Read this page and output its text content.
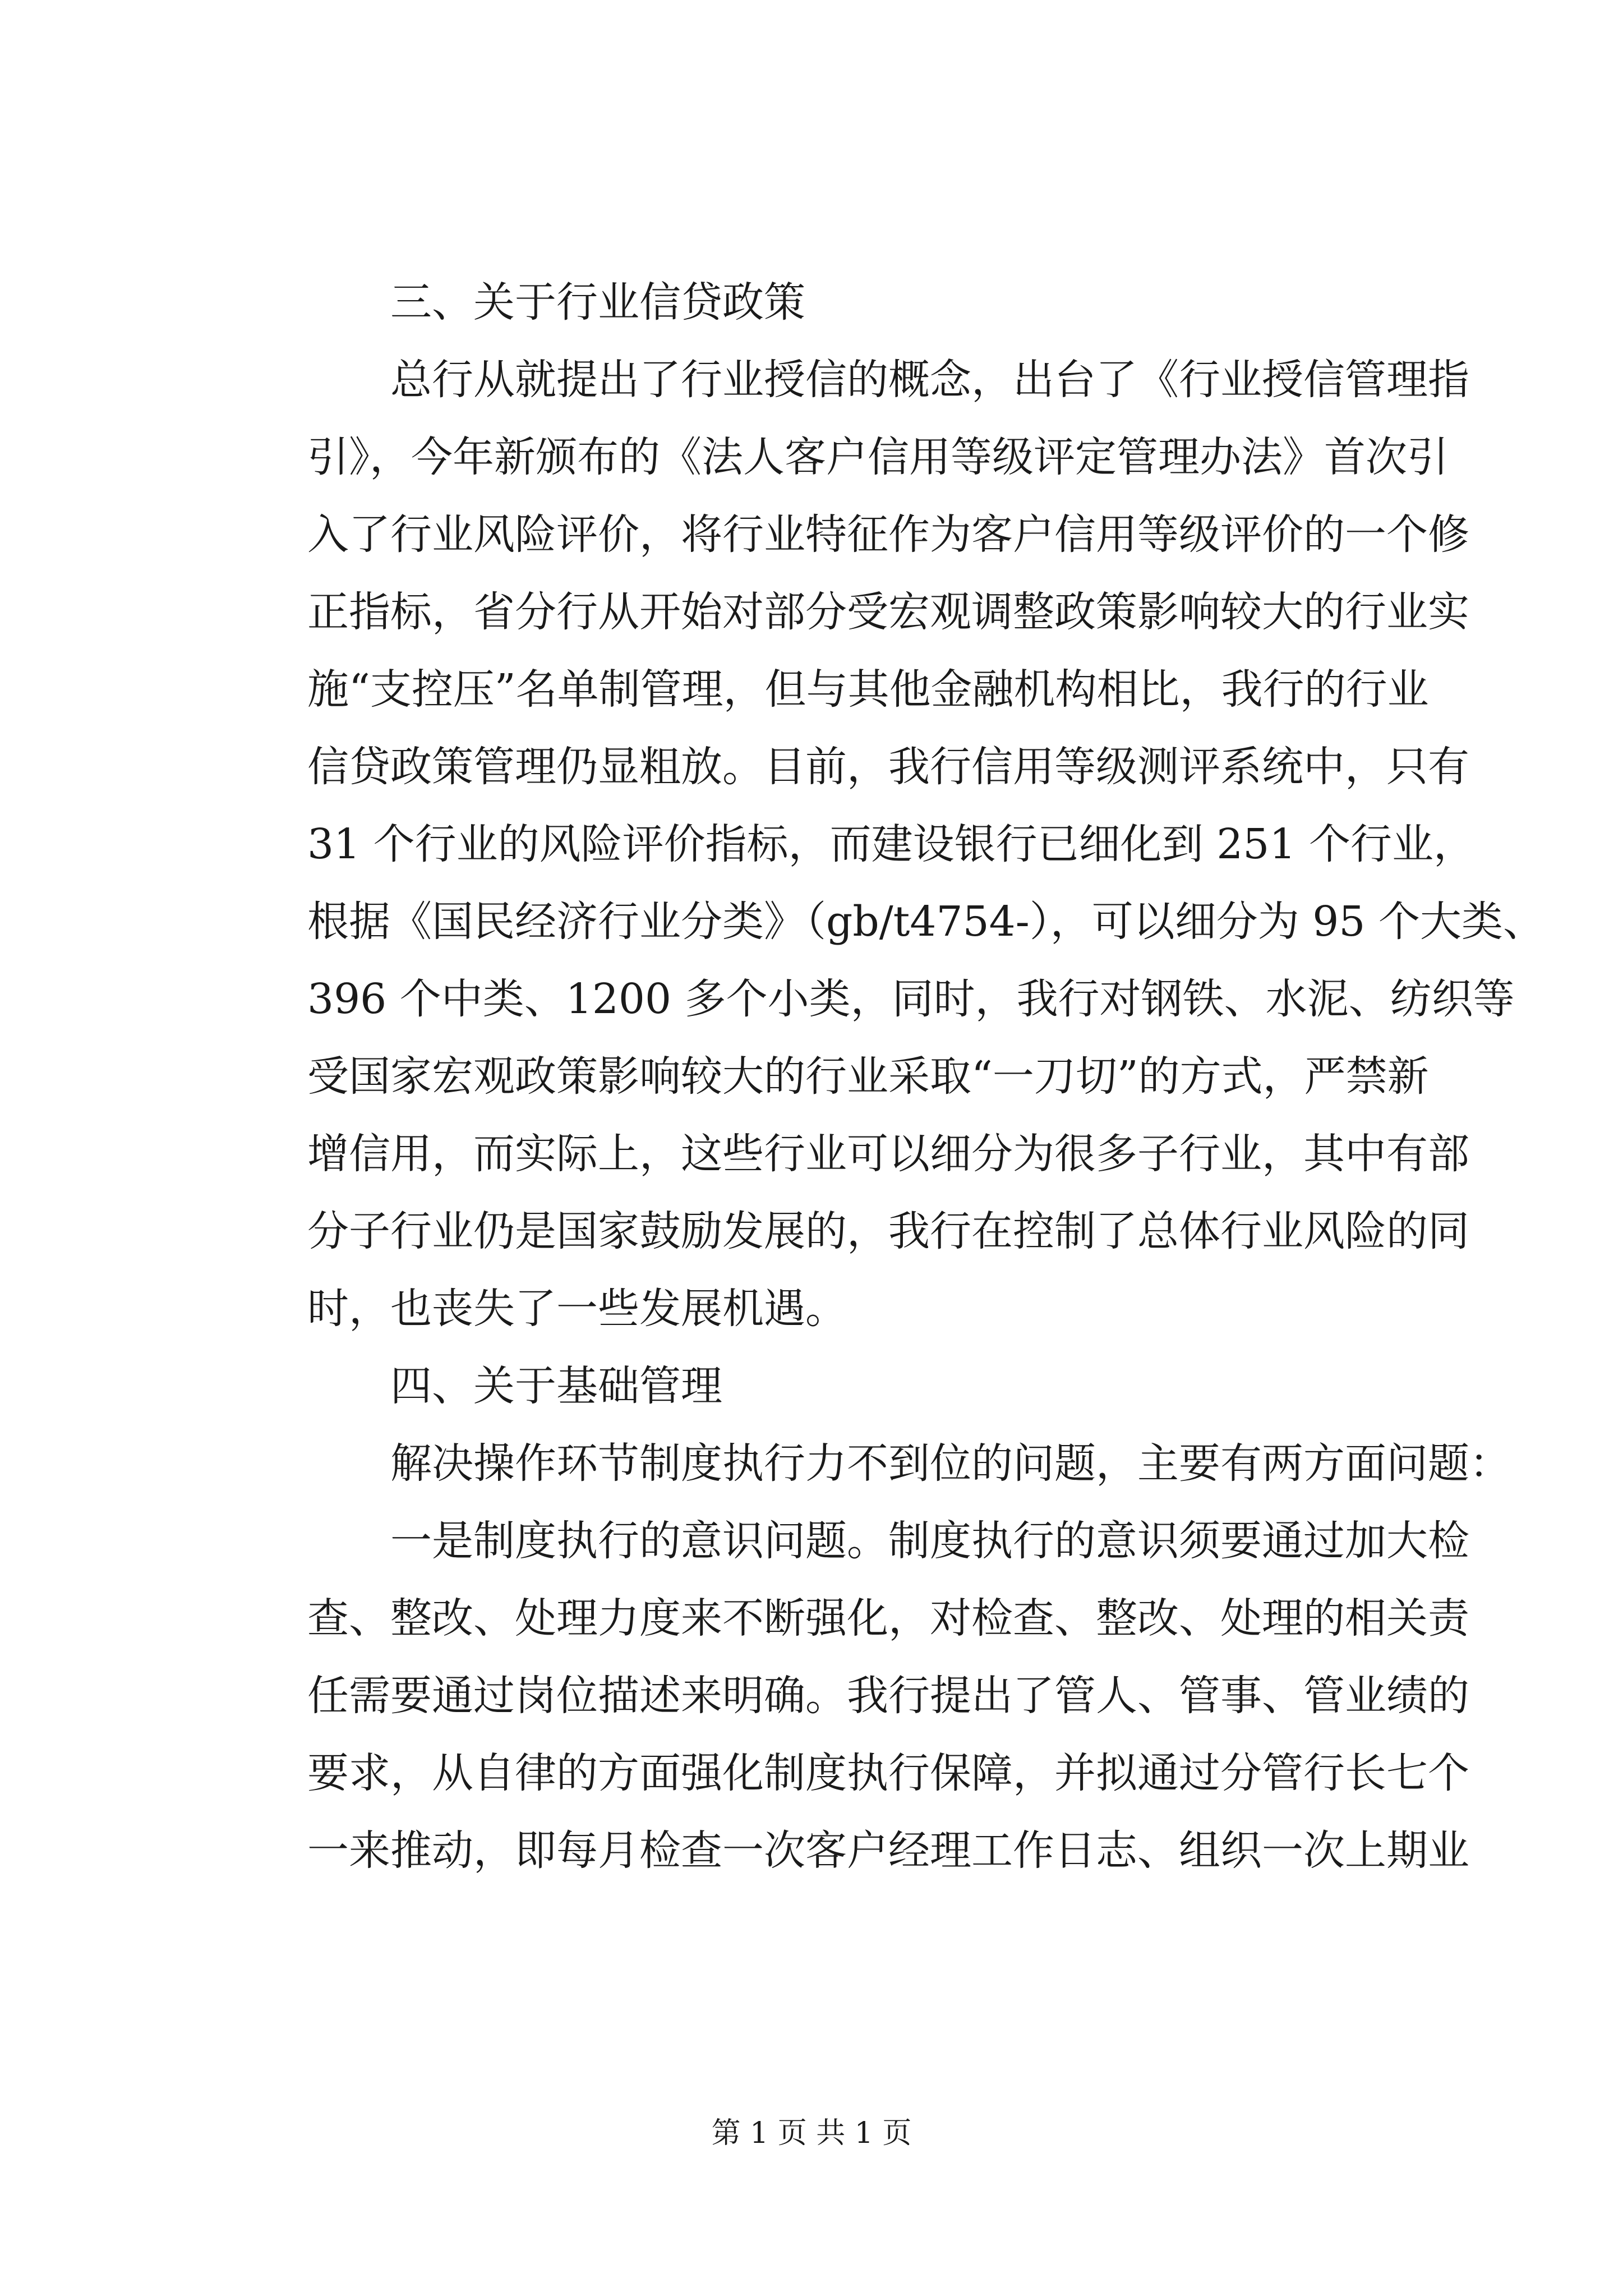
三、关于行业信贷政策
总行从就提出了行业授信的概念，出台了《行业授信管理指
引》，今年新颁布的《法人客户信用等级评定管理办法》首次引
入了行业风险评价，将行业特征作为客户信用等级评价的一个修
正指标，省分行从开始对部分受宏观调整政策影响较大的行业实
施“支控压”名单制管理，但与其他金融机构相比，我行的行业
信贷政策管理仍显粗放。目前，我行信用等级测评系统中，只有
31 个行业的风险评价指标，而建设银行已细化到 251 个行业，
根据《国民经济行业分类》（gb/t4754-），可以细分为 95 个大类、
396 个中类、1200 多个小类，同时，我行对钢铁、水泥、纺织等
受国家宏观政策影响较大的行业采取“一刀切”的方式，严禁新
增信用，而实际上，这些行业可以细分为很多子行业，其中有部
分子行业仍是国家鼓励发展的，我行在控制了总体行业风险的同
时，也丧失了一些发展机遇。
四、关于基础管理
解决操作环节制度执行力不到位的问题，主要有两方面问题：
一是制度执行的意识问题。制度执行的意识须要通过加大检
查、整改、处理力度来不断强化，对检查、整改、处理的相关责
任需要通过岗位描述来明确。我行提出了管人、管事、管业绩的
要求，从自律的方面强化制度执行保障，并拟通过分管行长七个
一来推动，即每月检查一次客户经理工作日志、组织一次上期业
第 1 页 共 1 页
